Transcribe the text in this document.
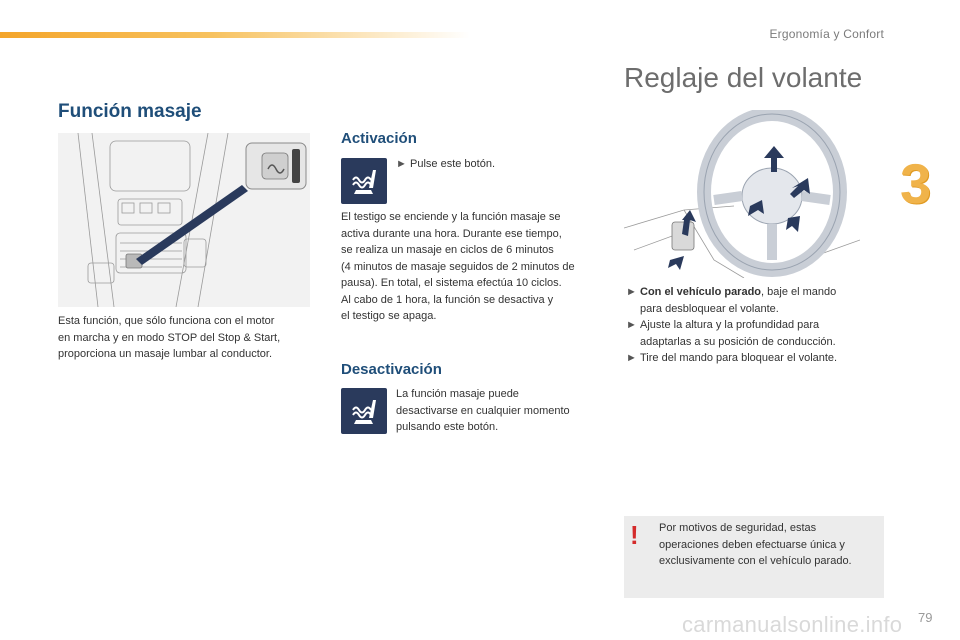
Ergonomía y Confort
3
Función masaje
Esta función, que sólo funciona con el motor
en marcha y en modo STOP del Stop & Start,
proporciona un masaje lumbar al conductor.
Activación
► Pulse este botón.
El testigo se enciende y la función masaje se
activa durante una hora. Durante ese tiempo,
se realiza un masaje en ciclos de 6 minutos
(4 minutos de masaje seguidos de 2 minutos de
pausa). En total, el sistema efectúa 10 ciclos.
Al cabo de 1 hora, la función se desactiva y
el testigo se apaga.
Desactivación
La función masaje puede
desactivarse en cualquier momento
pulsando este botón.
Reglaje del volante
► Con el vehículo parado, baje el mando
para desbloquear el volante.
► Ajuste la altura y la profundidad para
adaptarlas a su posición de conducción.
► Tire del mando para bloquear el volante.
! Por motivos de seguridad, estas
operaciones deben efectuarse única y
exclusivamente con el vehículo parado.
carmanualsonline.info 79
